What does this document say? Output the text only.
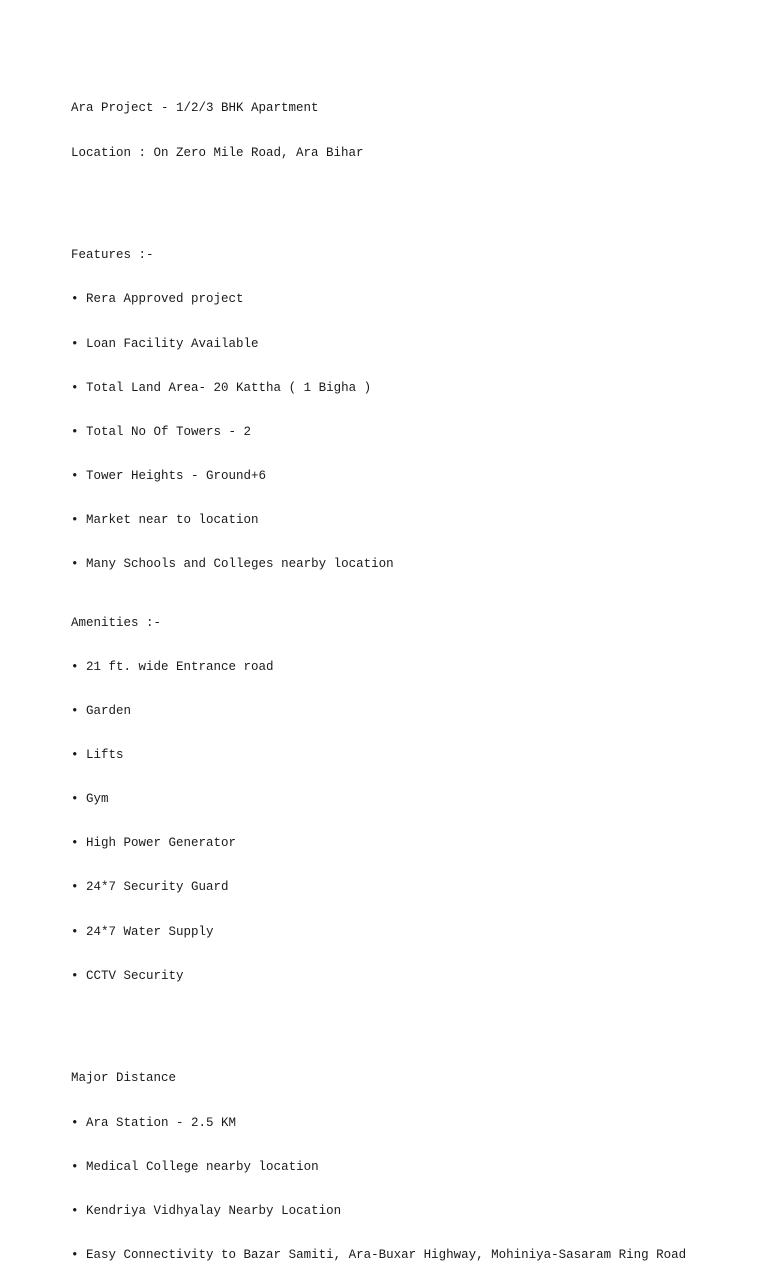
Ara Project - 1/2/3 BHK Apartment

Location : On Zero Mile Road, Ara Bihar

Features :-

• Rera Approved project

• Loan Facility Available

• Total Land Area- 20 Kattha ( 1 Bigha )

• Total No Of Towers - 2

• Tower Heights - Ground+6

• Market near to location

• Many Schools and Colleges nearby location

Amenities :-

• 21 ft. wide Entrance road

• Garden

• Lifts

• Gym

• High Power Generator

• 24*7 Security Guard

• 24*7 Water Supply

• CCTV Security

Major Distance

• Ara Station - 2.5 KM

• Medical College nearby location

• Kendriya Vidhyalay Nearby Location

• Easy Connectivity to Bazar Samiti, Ara-Buxar Highway, Mohiniya-Sasaram Ring Road
